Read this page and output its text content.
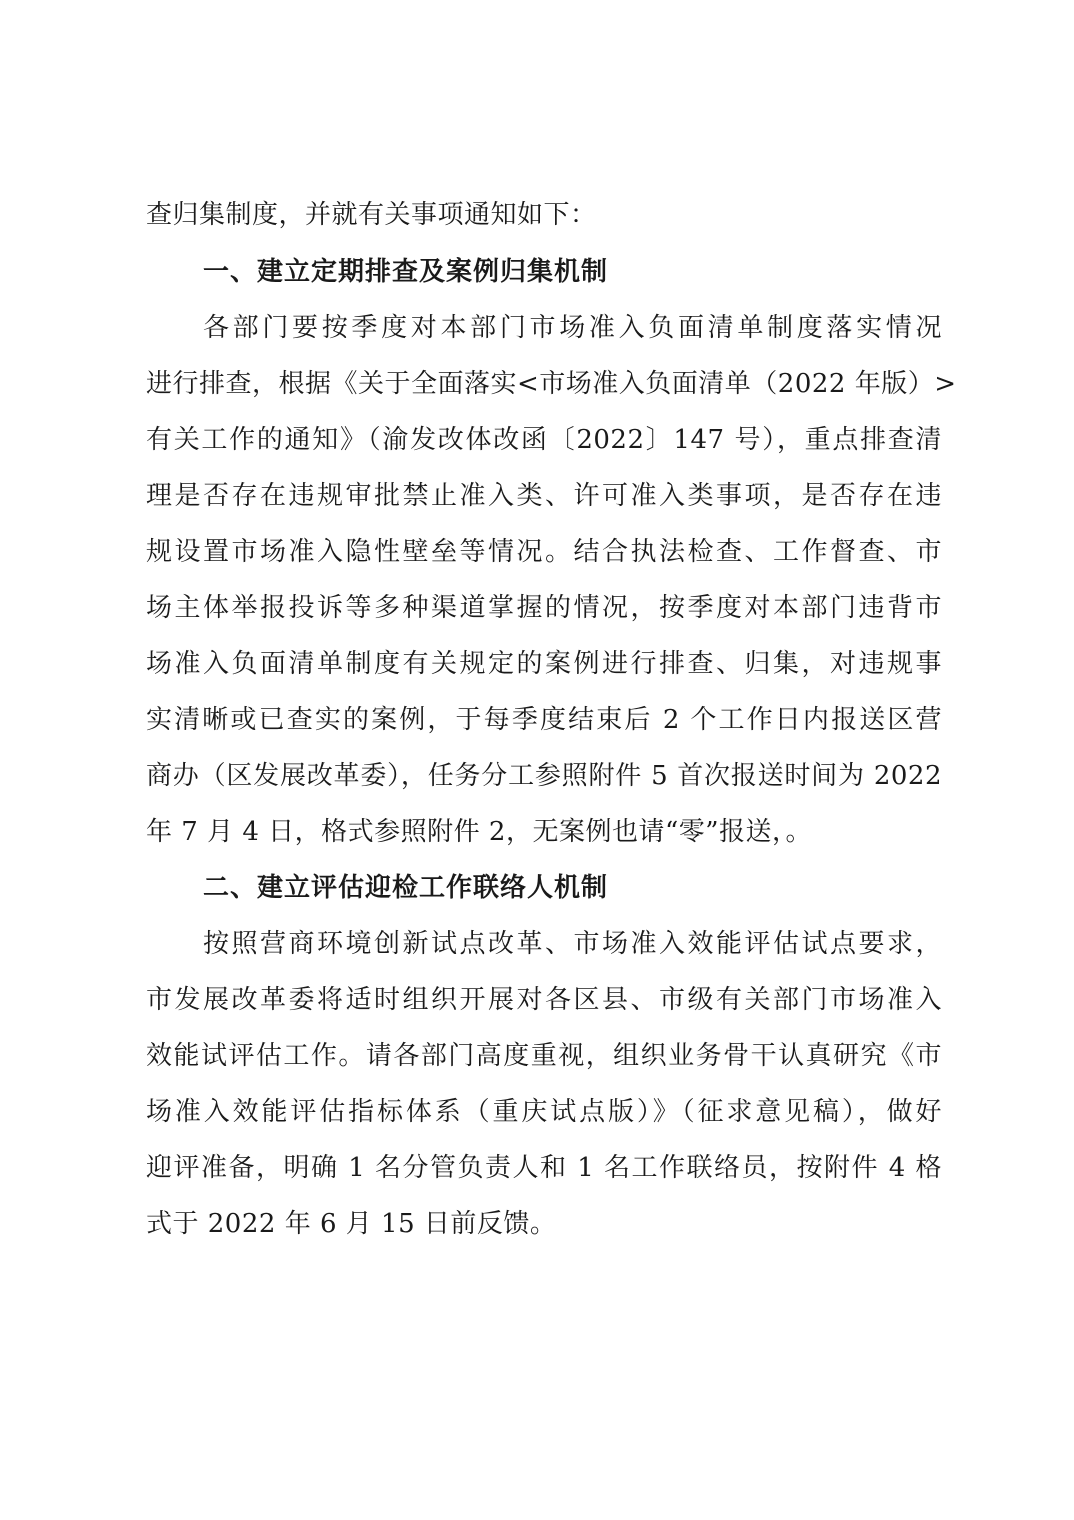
查归集制度，并就有关事项通知如下：
一、建立定期排查及案例归集机制
各部门要按季度对本部门市场准入负面清单制度落实情况
进行排查，根据《关于全面落实<市场准入负面清单（2022 年版）>
有关工作的通知》（渝发改体改函〔2022〕147 号），重点排查清
理是否存在违规审批禁止准入类、许可准入类事项，是否存在违
规设置市场准入隐性壁垒等情况。结合执法检查、工作督查、市
场主体举报投诉等多种渠道掌握的情况，按季度对本部门违背市
场准入负面清单制度有关规定的案例进行排查、归集，对违规事
实清晰或已查实的案例，于每季度结束后 2 个工作日内报送区营
商办（区发展改革委），任务分工参照附件 5 首次报送时间为 2022
年 7 月 4 日，格式参照附件 2，无案例也请“零”报送，。
二、建立评估迎检工作联络人机制
按照营商环境创新试点改革、市场准入效能评估试点要求，
市发展改革委将适时组织开展对各区县、市级有关部门市场准入
效能试评估工作。请各部门高度重视，组织业务骨干认真研究《市
场准入效能评估指标体系（重庆试点版）》（征求意见稿），做好
迎评准备，明确 1 名分管负责人和 1 名工作联络员，按附件 4 格
式于 2022 年 6 月 15 日前反馈。
